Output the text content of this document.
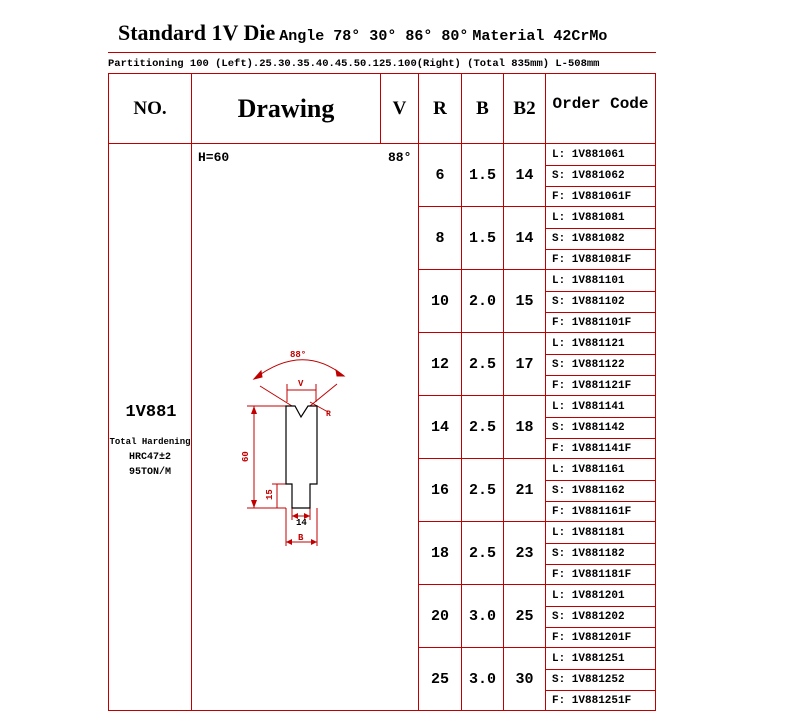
Standard 1V Die Angle 78° 30° 86° 80° Material 42CrMo
Partitioning 100 (Left).25.30.35.40.45.50.125.100(Right) (Total 835mm) L-508mm
NO.	Drawing	V	R	B	B2	Order Code
1V881
Total Hardening
HRC47±2
95TON/M
H=60	88°
88°
V
R
60
15
14
B
6	1.5	14
L: 1V881061
S: 1V881062
F: 1V881061F
8	1.5	14
L: 1V881081
S: 1V881082
F: 1V881081F
10	2.0	15
L: 1V881101
S: 1V881102
F: 1V881101F
12	2.5	17
L: 1V881121
S: 1V881122
F: 1V881121F
14	2.5	18
L: 1V881141
S: 1V881142
F: 1V881141F
16	2.5	21
L: 1V881161
S: 1V881162
F: 1V881161F
18	2.5	23
L: 1V881181
S: 1V881182
F: 1V881181F
20	3.0	25
L: 1V881201
S: 1V881202
F: 1V881201F
25	3.0	30
L: 1V881251
S: 1V881252
F: 1V881251F
